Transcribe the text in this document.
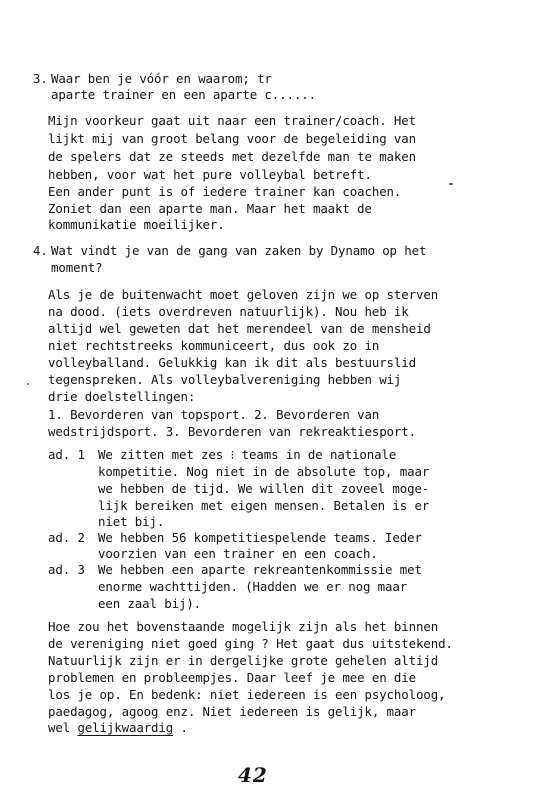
3. Waar ben je vóór en waarom; tr
aparte trainer en een aparte c......
Mijn voorkeur gaat uit naar een trainer/coach. Het
lijkt mij van groot belang voor de begeleiding van
de spelers dat ze steeds met dezelfde man te maken
hebben, voor wat het pure volleybal betreft.
Een ander punt is of iedere trainer kan coachen.
Zoniet dan een aparte man. Maar het maakt de
kommunikatie moeilijker.
4. Wat vindt je van de gang van zaken by Dynamo op het
moment?
Als je de buitenwacht moet geloven zijn we op sterven
na dood. (iets overdreven natuurlijk). Nou heb ik
altijd wel geweten dat het merendeel van de mensheid
niet rechtstreeks kommuniceert, dus ook zo in
volleyballand. Gelukkig kan ik dit als bestuurslid
tegenspreken. Als volleybalvereniging hebben wij
drie doelstellingen:
1. Bevorderen van topsport. 2. Bevorderen van
wedstrijdsport. 3. Bevorderen van rekreaktiesport.
ad. 1 We zitten met zes ⁝ teams in de nationale
kompetitie. Nog niet in de absolute top, maar
we hebben de tijd. We willen dit zoveel moge-
lijk bereiken met eigen mensen. Betalen is er
niet bij.
ad. 2 We hebben 56 kompetitiespelende teams. Ieder
voorzien van een trainer en een coach.
ad. 3 We hebben een aparte rekreantenkommissie met
enorme wachttijden. (Hadden we er nog maar
een zaal bij).
Hoe zou het bovenstaande mogelijk zijn als het binnen
de vereniging niet goed ging ? Het gaat dus uitstekend.
Natuurlijk zijn er in dergelijke grote gehelen altijd
problemen en probleempjes. Daar leef je mee en die
los je op. En bedenk: niet iedereen is een psycholoog,
paedagog, agoog enz. Niet iedereen is gelijk, maar
wel gelijkwaardig .
42
